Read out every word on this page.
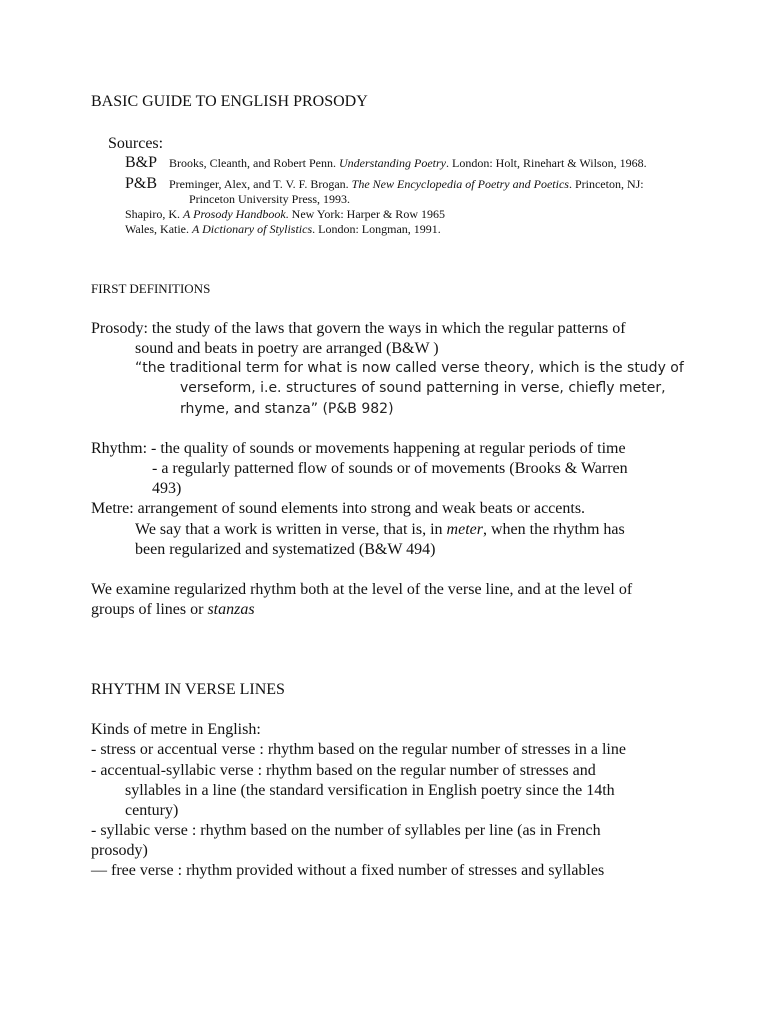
BASIC GUIDE TO ENGLISH PROSODY
Sources:
B&P Brooks, Cleanth, and Robert Penn. Understanding Poetry. London: Holt, Rinehart & Wilson, 1968.
P&B Preminger, Alex, and T. V. F. Brogan. The New Encyclopedia of Poetry and Poetics. Princeton, NJ:
Princeton University Press, 1993.
Shapiro, K. A Prosody Handbook. New York: Harper & Row 1965
Wales, Katie. A Dictionary of Stylistics. London: Longman, 1991.
FIRST DEFINITIONS
Prosody: the study of the laws that govern the ways in which the regular patterns of
sound and beats in poetry are arranged (B&W )
“the traditional term for what is now called verse theory, which is the study of
verseform, i.e. structures of sound patterning in verse, chiefly meter,
rhyme, and stanza” (P&B 982)
Rhythm: - the quality of sounds or movements happening at regular periods of time
- a regularly patterned flow of sounds or of movements (Brooks & Warren
493)
Metre: arrangement of sound elements into strong and weak beats or accents.
We say that a work is written in verse, that is, in meter, when the rhythm has
been regularized and systematized (B&W 494)
We examine regularized rhythm both at the level of the verse line, and at the level of
groups of lines or stanzas
RHYTHM IN VERSE LINES
Kinds of metre in English:
- stress or accentual verse : rhythm based on the regular number of stresses in a line
- accentual-syllabic verse : rhythm based on the regular number of stresses and
syllables in a line (the standard versification in English poetry since the 14th
century)
- syllabic verse : rhythm based on the number of syllables per line (as in French
prosody)
— free verse : rhythm provided without a fixed number of stresses and syllables
